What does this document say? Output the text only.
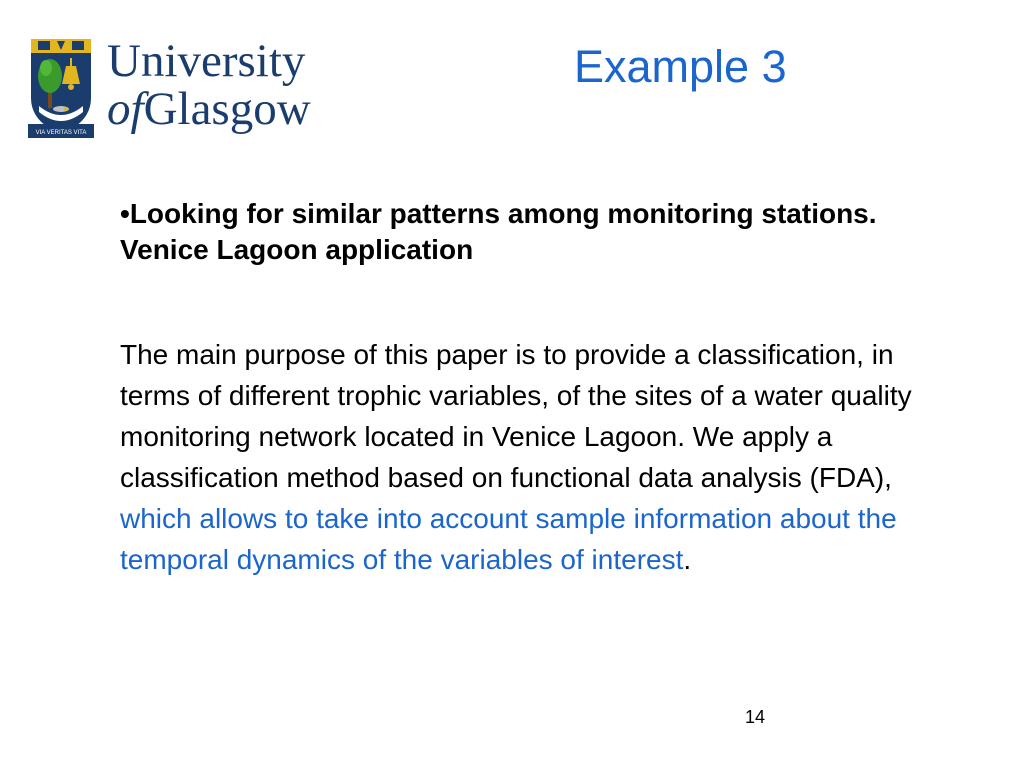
VIA VERITAS VITA
University
ofGlasgow
Example 3
•Looking for similar patterns among monitoring stations. Venice Lagoon application
The main purpose of this paper is to provide a classification, in terms of different trophic variables, of the sites of a water quality monitoring network located in Venice Lagoon. We apply a classification method based on functional data analysis (FDA), which allows to take into account sample information about the temporal dynamics of the variables of interest.
14
